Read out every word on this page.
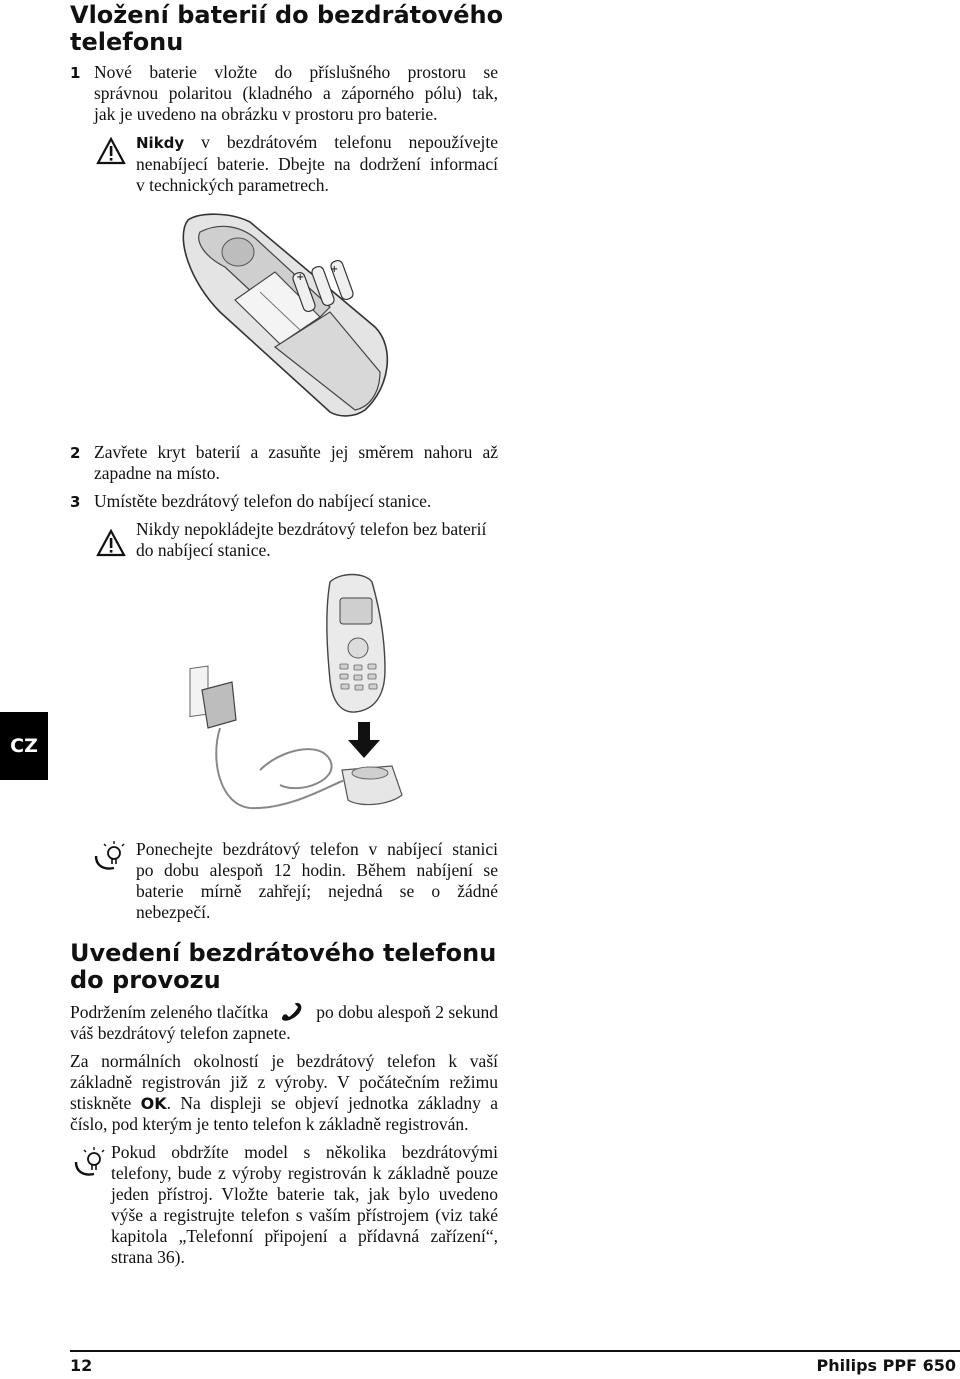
Vložení baterií do bezdrátového
telefonu
1 Nové baterie vložte do příslušného prostoru se
správnou polaritou (kladného a záporného pólu) tak,
jak je uvedeno na obrázku v prostoru pro baterie.
Nikdy v bezdrátovém telefonu nepoužívejte
nenabíjecí baterie. Dbejte na dodržení informací
v technických parametrech.
+
+
2 Zavřete kryt baterií a zasuňte jej směrem nahoru až
zapadne na místo.
3 Umístěte bezdrátový telefon do nabíjecí stanice.
Nikdy nepokládejte bezdrátový telefon bez baterií
do nabíjecí stanice.
CZ
Ponechejte bezdrátový telefon v nabíjecí stanici
po dobu alespoň 12 hodin. Během nabíjení se
baterie mírně zahřejí; nejedná se o žádné
nebezpečí.
Uvedení bezdrátového telefonu
do provozu
Podržením zeleného tlačítka	po dobu alespoň 2 sekund
váš bezdrátový telefon zapnete.
Za normálních okolností je bezdrátový telefon k vaší
základně registrován již z výroby. V počátečním režimu
stiskněte OK. Na displeji se objeví jednotka základny a
číslo, pod kterým je tento telefon k základně registrován.
Pokud obdržíte model s několika bezdrátovými
telefony, bude z výroby registrován k základně pouze
jeden přístroj. Vložte baterie tak, jak bylo uvedeno
výše a registrujte telefon s vaším přístrojem (viz také
kapitola „Telefonní připojení a přídavná zařízení“,
strana 36).
12	Philips PPF 650
